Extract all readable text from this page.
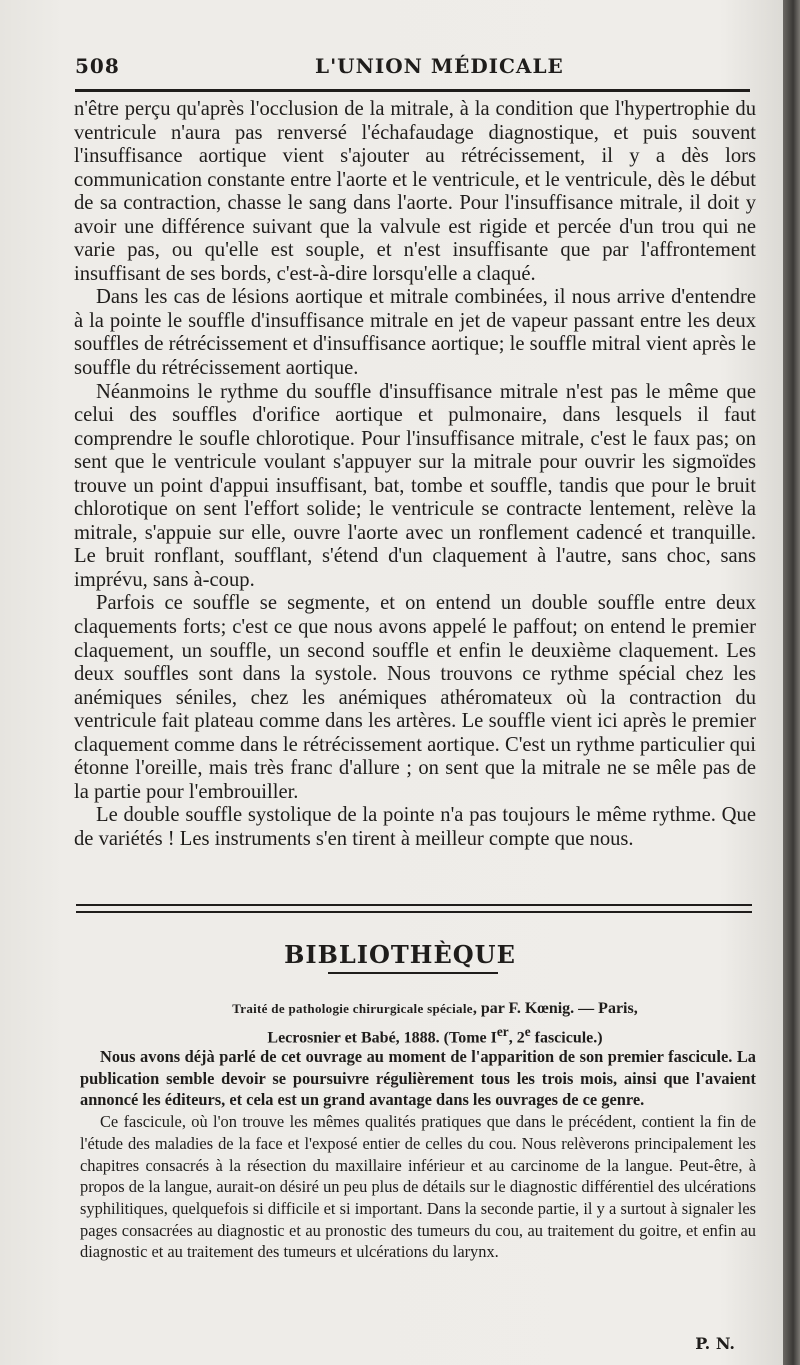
508	L'UNION MÉDICALE

n'être perçu qu'après l'occlusion de la mitrale, à la condition que l'hypertrophie du ventricule n'aura pas renversé l'échafaudage diagnostique, et puis souvent l'insuffisance aortique vient s'ajouter au rétrécissement, il y a dès lors communication constante entre l'aorte et le ventricule, et le ventricule, dès le début de sa contraction, chasse le sang dans l'aorte. Pour l'insuffisance mitrale, il doit y avoir une différence suivant que la valvule est rigide et percée d'un trou qui ne varie pas, ou qu'elle est souple, et n'est insuffisante que par l'affrontement insuffisant de ses bords, c'est-à-dire lorsqu'elle a claqué.

Dans les cas de lésions aortique et mitrale combinées, il nous arrive d'entendre à la pointe le souffle d'insuffisance mitrale en jet de vapeur passant entre les deux souffles de rétrécissement et d'insuffisance aortique; le souffle mitral vient après le souffle du rétrécissement aortique.

Néanmoins le rythme du souffle d'insuffisance mitrale n'est pas le même que celui des souffles d'orifice aortique et pulmonaire, dans lesquels il faut comprendre le soufle chlorotique. Pour l'insuffisance mitrale, c'est le faux pas; on sent que le ventricule voulant s'appuyer sur la mitrale pour ouvrir les sigmoïdes trouve un point d'appui insuffisant, bat, tombe et souffle, tandis que pour le bruit chlorotique on sent l'effort solide; le ventricule se contracte lentement, relève la mitrale, s'appuie sur elle, ouvre l'aorte avec un ronflement cadencé et tranquille. Le bruit ronflant, soufflant, s'étend d'un claquement à l'autre, sans choc, sans imprévu, sans à-coup.

Parfois ce souffle se segmente, et on entend un double souffle entre deux claquements forts; c'est ce que nous avons appelé le paffout; on entend le premier claquement, un souffle, un second souffle et enfin le deuxième claquement. Les deux souffles sont dans la systole. Nous trouvons ce rythme spécial chez les anémiques séniles, chez les anémiques athéromateux où la contraction du ventricule fait plateau comme dans les artères. Le souffle vient ici après le premier claquement comme dans le rétrécissement aortique. C'est un rythme particulier qui étonne l'oreille, mais très franc d'allure ; on sent que la mitrale ne se mêle pas de la partie pour l'embrouiller.

Le double souffle systolique de la pointe n'a pas toujours le même rythme. Que de variétés ! Les instruments s'en tirent à meilleur compte que nous.

BIBLIOTHÈQUE
Traité de pathologie chirurgicale spéciale, par F. Kœnig. — Paris,
Lecrosnier et Babé, 1888. (Tome Ier, 2e fascicule.)

Nous avons déjà parlé de cet ouvrage au moment de l'apparition de son premier fascicule. La publication semble devoir se poursuivre régulièrement tous les trois mois, ainsi que l'avaient annoncé les éditeurs, et cela est un grand avantage dans les ouvrages de ce genre.

Ce fascicule, où l'on trouve les mêmes qualités pratiques que dans le précédent, contient la fin de l'étude des maladies de la face et l'exposé entier de celles du cou. Nous relèverons principalement les chapitres consacrés à la résection du maxillaire inférieur et au carcinome de la langue. Peut-être, à propos de la langue, aurait-on désiré un peu plus de détails sur le diagnostic différentiel des ulcérations syphilitiques, quelquefois si difficile et si important. Dans la seconde partie, il y a surtout à signaler les pages consacrées au diagnostic et au pronostic des tumeurs du cou, au traitement du goitre, et enfin au diagnostic et au traitement des tumeurs et ulcérations du larynx.

P. N.
